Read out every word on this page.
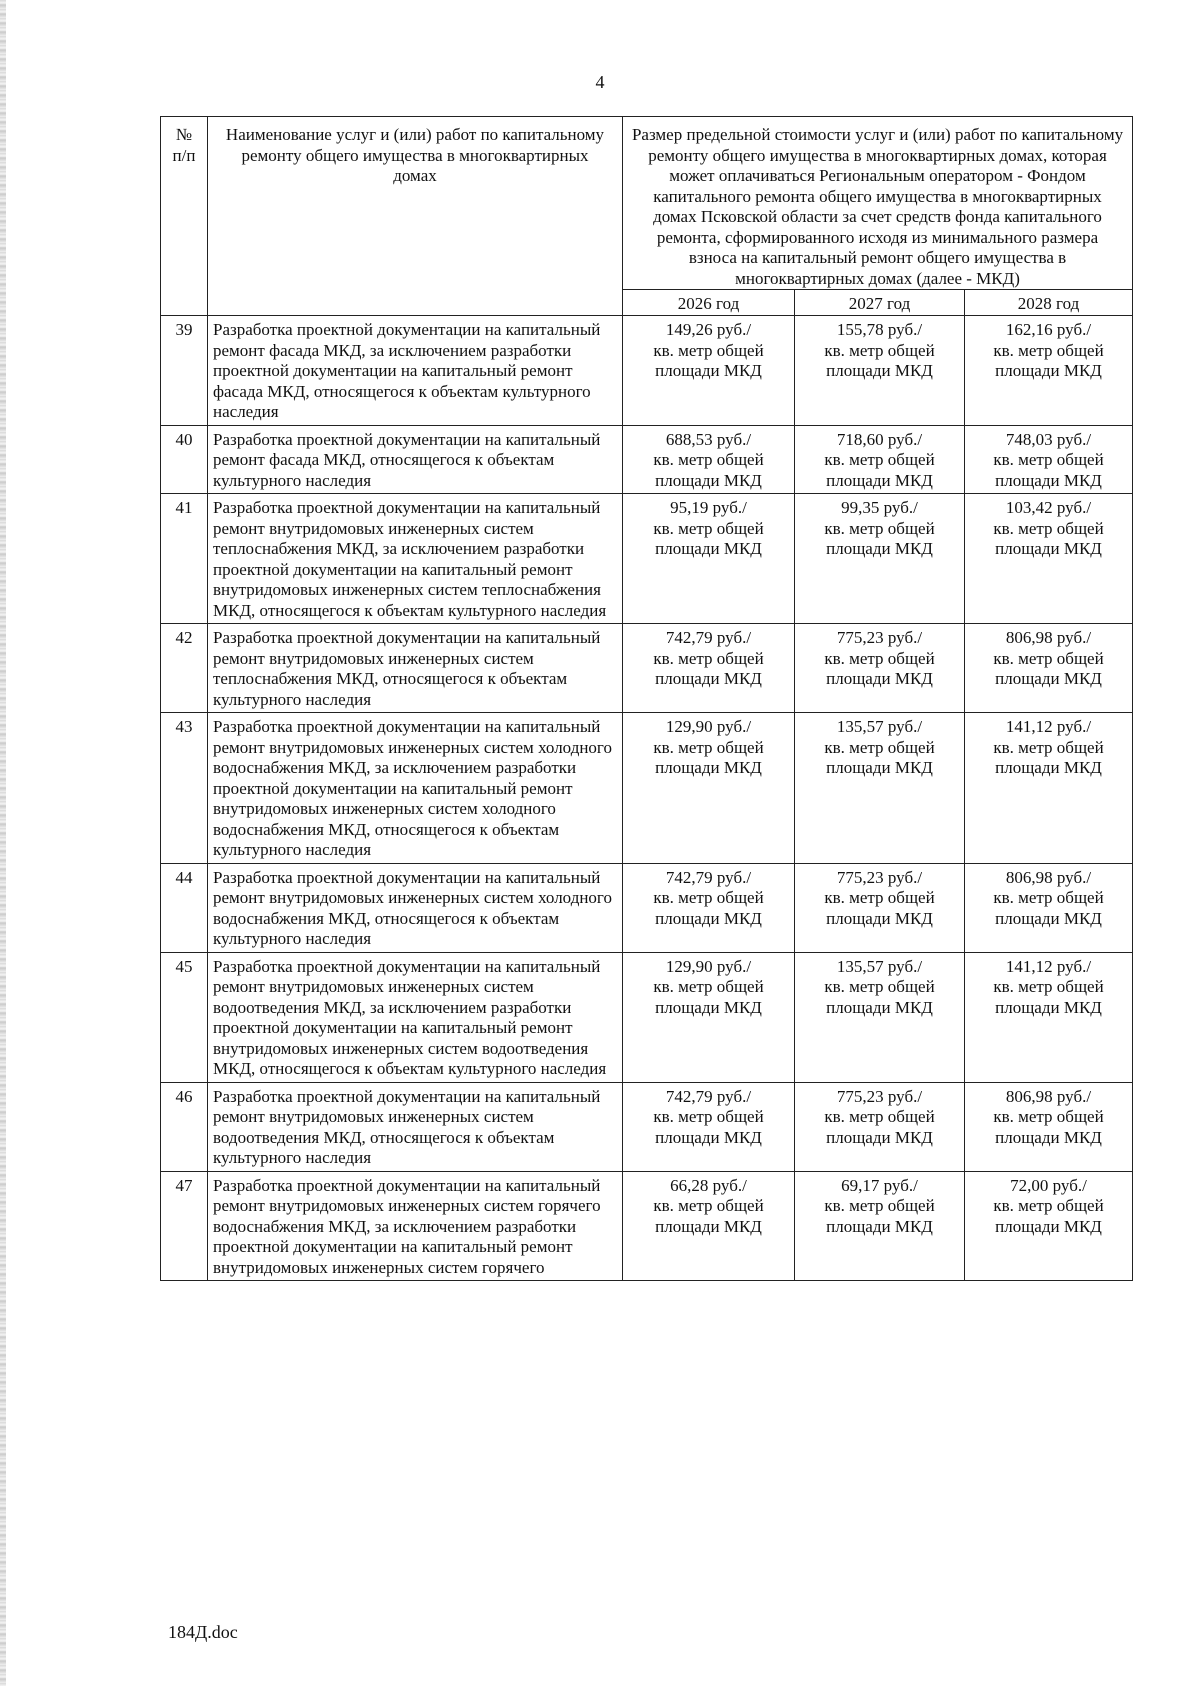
4
№
п/п	Наименование услуг и (или) работ по капитальному ремонту общего имущества в многоквартирных домах	Размер предельной стоимости услуг и (или) работ по капитальному ремонту общего имущества в многоквартирных домах, которая может оплачиваться Региональным оператором - Фондом капитального ремонта общего имущества в многоквартирных домах Псковской области за счет средств фонда капитального ремонта, сформированного исходя из минимального размера взноса на капитальный ремонт общего имущества в многоквартирных домах (далее - МКД)		
		2026 год	2027 год	2028 год
39	Разработка проектной документации на капитальный ремонт фасада МКД, за исключением разработки проектной документации на капитальный ремонт фасада МКД, относящегося к объектам культурного наследия	149,26 руб./
кв. метр общей площади МКД	155,78 руб./
кв. метр общей площади МКД	162,16 руб./
кв. метр общей площади МКД
40	Разработка проектной документации на капитальный ремонт фасада МКД, относящегося к объектам культурного наследия	688,53 руб./
кв. метр общей площади МКД	718,60 руб./
кв. метр общей площади МКД	748,03 руб./
кв. метр общей площади МКД
41	Разработка проектной документации на капитальный ремонт внутридомовых инженерных систем теплоснабжения МКД, за исключением разработки проектной документации на капитальный ремонт внутридомовых инженерных систем теплоснабжения МКД, относящегося к объектам культурного наследия	95,19 руб./
кв. метр общей площади МКД	99,35 руб./
кв. метр общей площади МКД	103,42 руб./
кв. метр общей площади МКД
42	Разработка проектной документации на капитальный ремонт внутридомовых инженерных систем теплоснабжения МКД, относящегося к объектам культурного наследия	742,79 руб./
кв. метр общей площади МКД	775,23 руб./
кв. метр общей площади МКД	806,98 руб./
кв. метр общей площади МКД
43	Разработка проектной документации на капитальный ремонт внутридомовых инженерных систем холодного водоснабжения МКД, за исключением разработки проектной документации на капитальный ремонт внутридомовых инженерных систем холодного водоснабжения МКД, относящегося к объектам культурного наследия	129,90 руб./
кв. метр общей площади МКД	135,57 руб./
кв. метр общей площади МКД	141,12 руб./
кв. метр общей площади МКД
44	Разработка проектной документации на капитальный ремонт внутридомовых инженерных систем холодного водоснабжения МКД, относящегося к объектам культурного наследия	742,79 руб./
кв. метр общей площади МКД	775,23 руб./
кв. метр общей площади МКД	806,98 руб./
кв. метр общей площади МКД
45	Разработка проектной документации на капитальный ремонт внутридомовых инженерных систем водоотведения МКД, за исключением разработки проектной документации на капитальный ремонт внутридомовых инженерных систем водоотведения МКД, относящегося к объектам культурного наследия	129,90 руб./
кв. метр общей площади МКД	135,57 руб./
кв. метр общей площади МКД	141,12 руб./
кв. метр общей площади МКД
46	Разработка проектной документации на капитальный ремонт внутридомовых инженерных систем водоотведения МКД, относящегося к объектам культурного наследия	742,79 руб./
кв. метр общей площади МКД	775,23 руб./
кв. метр общей площади МКД	806,98 руб./
кв. метр общей площади МКД
47	Разработка проектной документации на капитальный ремонт внутридомовых инженерных систем горячего водоснабжения МКД, за исключением разработки проектной документации на капитальный ремонт внутридомовых инженерных систем горячего	66,28 руб./
кв. метр общей площади МКД	69,17 руб./
кв. метр общей площади МКД	72,00 руб./
кв. метр общей площади МКД
184Д.doc
